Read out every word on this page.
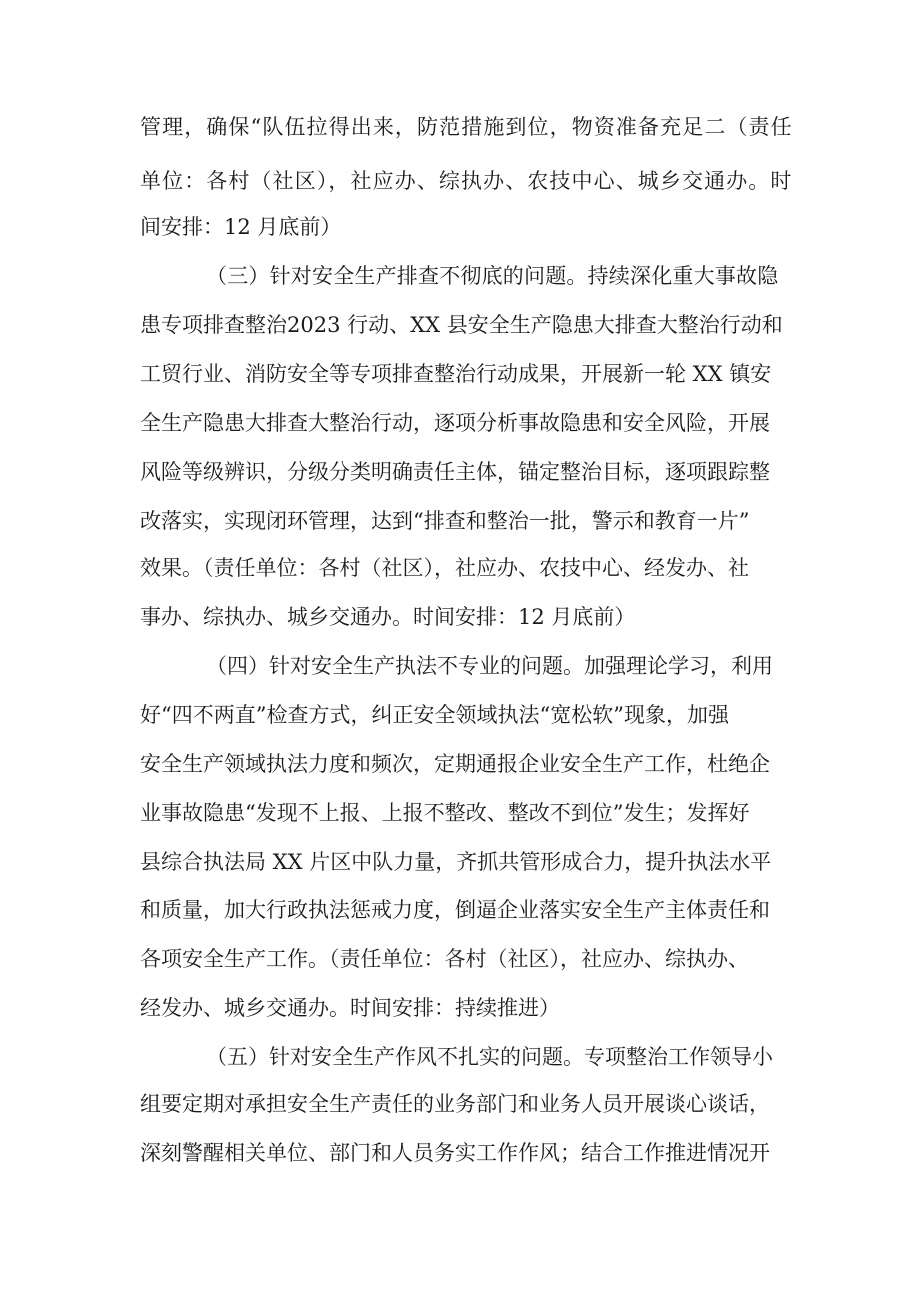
管理，确保“队伍拉得出来，防范措施到位，物资准备充足二（责任
单位：各村（社区），社应办、综执办、农技中心、城乡交通办。时
间安排：12 月底前）
（三）针对安全生产排查不彻底的问题。持续深化重大事故隐
患专项排查整治2023 行动、XX 县安全生产隐患大排查大整治行动和
工贸行业、消防安全等专项排查整治行动成果，开展新一轮 XX 镇安
全生产隐患大排查大整治行动，逐项分析事故隐患和安全风险，开展
风险等级辨识，分级分类明确责任主体，锚定整治目标，逐项跟踪整
改落实，实现闭环管理，达到“排查和整治一批，警示和教育一片”
效果。（责任单位：各村（社区），社应办、农技中心、经发办、社
事办、综执办、城乡交通办。时间安排：12 月底前）
（四）针对安全生产执法不专业的问题。加强理论学习，利用
好“四不两直”检查方式，纠正安全领域执法“宽松软”现象，加强
安全生产领域执法力度和频次，定期通报企业安全生产工作，杜绝企
业事故隐患“发现不上报、上报不整改、整改不到位”发生；发挥好
县综合执法局 XX 片区中队力量，齐抓共管形成合力，提升执法水平
和质量，加大行政执法惩戒力度，倒逼企业落实安全生产主体责任和
各项安全生产工作。（责任单位：各村（社区），社应办、综执办、
经发办、城乡交通办。时间安排：持续推进）
（五）针对安全生产作风不扎实的问题。专项整治工作领导小
组要定期对承担安全生产责任的业务部门和业务人员开展谈心谈话，
深刻警醒相关单位、部门和人员务实工作作风；结合工作推进情况开
